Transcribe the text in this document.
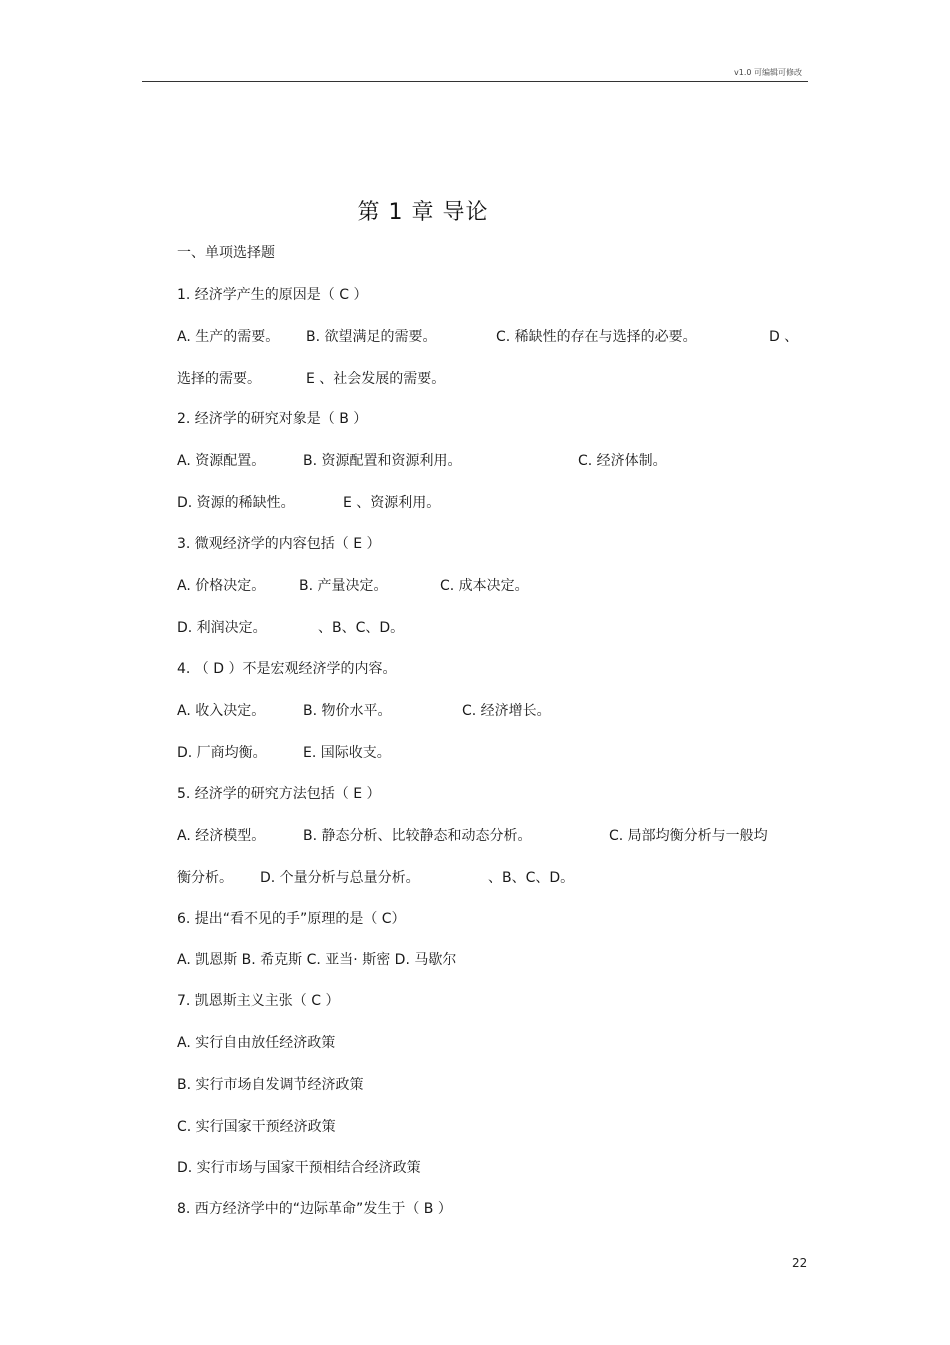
v1.0 可编辑可修改
第 1 章 导论
一、单项选择题
1. 经济学产生的原因是（ C ）
A. 生产的需要。 B. 欲望满足的需要。	C. 稀缺性的存在与选择的必要。	D 、
选择的需要。	E 、社会发展的需要。
2. 经济学的研究对象是（ B ）
A. 资源配置。	B. 资源配置和资源利用。	C. 经济体制。
D. 资源的稀缺性。	E 、资源利用。
3. 微观经济学的内容包括（ E ）
A. 价格决定。 B. 产量决定。	C. 成本决定。
D. 利润决定。	、B、C、D。
4. （ D ）不是宏观经济学的内容。
A. 收入决定。	B. 物价水平。	C. 经济增长。
D. 厂商均衡。	E. 国际收支。
5. 经济学的研究方法包括（ E ）
A. 经济模型。	B. 静态分析、比较静态和动态分析。	C. 局部均衡分析与一般均
衡分析。 D. 个量分析与总量分析。	、B、C、D。
6. 提出“看不见的手”原理的是（ C）
A. 凯恩斯 B. 希克斯 C. 亚当· 斯密 D. 马歇尔
7. 凯恩斯主义主张（ C ）
A. 实行自由放任经济政策
B. 实行市场自发调节经济政策
C. 实行国家干预经济政策
D. 实行市场与国家干预相结合经济政策
8. 西方经济学中的“边际革命”发生于（ B ）
22
